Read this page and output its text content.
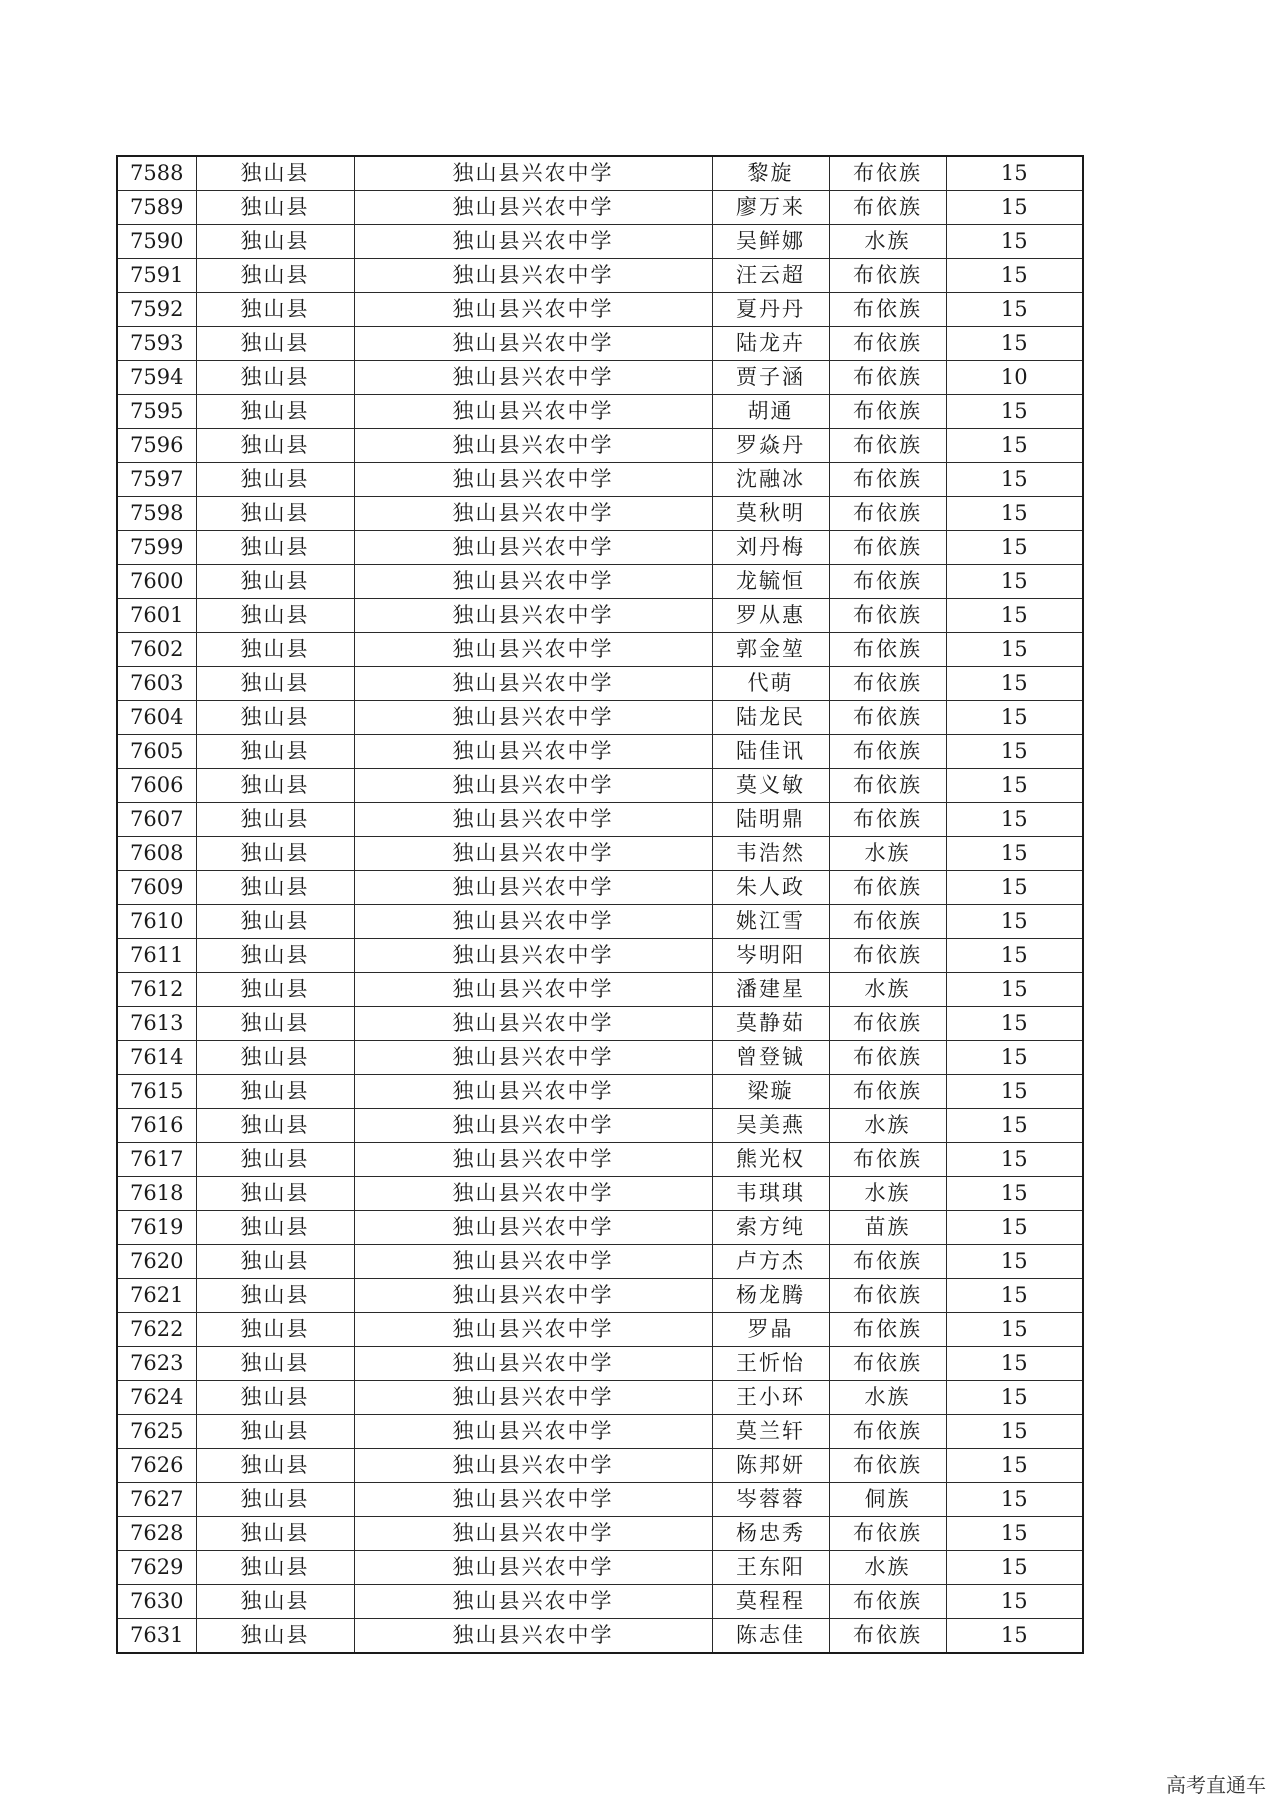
7588	独山县	独山县兴农中学	黎旋	布依族	15
7589	独山县	独山县兴农中学	廖万来	布依族	15
7590	独山县	独山县兴农中学	吴鲜娜	水族	15
7591	独山县	独山县兴农中学	汪云超	布依族	15
7592	独山县	独山县兴农中学	夏丹丹	布依族	15
7593	独山县	独山县兴农中学	陆龙卉	布依族	15
7594	独山县	独山县兴农中学	贾子涵	布依族	10
7595	独山县	独山县兴农中学	胡通	布依族	15
7596	独山县	独山县兴农中学	罗焱丹	布依族	15
7597	独山县	独山县兴农中学	沈融冰	布依族	15
7598	独山县	独山县兴农中学	莫秋明	布依族	15
7599	独山县	独山县兴农中学	刘丹梅	布依族	15
7600	独山县	独山县兴农中学	龙毓恒	布依族	15
7601	独山县	独山县兴农中学	罗从惠	布依族	15
7602	独山县	独山县兴农中学	郭金堃	布依族	15
7603	独山县	独山县兴农中学	代萌	布依族	15
7604	独山县	独山县兴农中学	陆龙民	布依族	15
7605	独山县	独山县兴农中学	陆佳讯	布依族	15
7606	独山县	独山县兴农中学	莫义敏	布依族	15
7607	独山县	独山县兴农中学	陆明鼎	布依族	15
7608	独山县	独山县兴农中学	韦浩然	水族	15
7609	独山县	独山县兴农中学	朱人政	布依族	15
7610	独山县	独山县兴农中学	姚江雪	布依族	15
7611	独山县	独山县兴农中学	岑明阳	布依族	15
7612	独山县	独山县兴农中学	潘建星	水族	15
7613	独山县	独山县兴农中学	莫静茹	布依族	15
7614	独山县	独山县兴农中学	曾登铖	布依族	15
7615	独山县	独山县兴农中学	梁璇	布依族	15
7616	独山县	独山县兴农中学	吴美燕	水族	15
7617	独山县	独山县兴农中学	熊光权	布依族	15
7618	独山县	独山县兴农中学	韦琪琪	水族	15
7619	独山县	独山县兴农中学	索方纯	苗族	15
7620	独山县	独山县兴农中学	卢方杰	布依族	15
7621	独山县	独山县兴农中学	杨龙腾	布依族	15
7622	独山县	独山县兴农中学	罗晶	布依族	15
7623	独山县	独山县兴农中学	王忻怡	布依族	15
7624	独山县	独山县兴农中学	王小环	水族	15
7625	独山县	独山县兴农中学	莫兰轩	布依族	15
7626	独山县	独山县兴农中学	陈邦妍	布依族	15
7627	独山县	独山县兴农中学	岑蓉蓉	侗族	15
7628	独山县	独山县兴农中学	杨忠秀	布依族	15
7629	独山县	独山县兴农中学	王东阳	水族	15
7630	独山县	独山县兴农中学	莫程程	布依族	15
7631	独山县	独山县兴农中学	陈志佳	布依族	15
高考直通车
